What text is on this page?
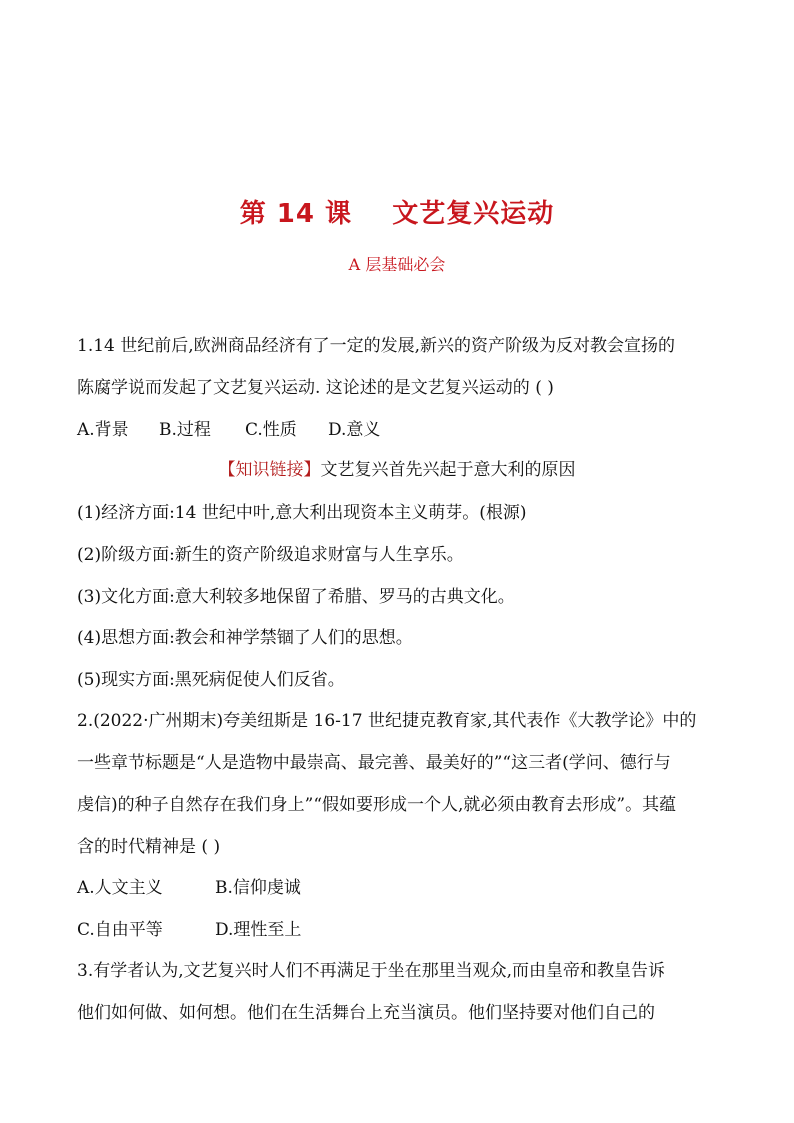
第 14 课    文艺复兴运动
A 层基础必会
1.14 世纪前后,欧洲商品经济有了一定的发展,新兴的资产阶级为反对教会宣扬的
陈腐学说而发起了文艺复兴运动. 这论述的是文艺复兴运动的 ( )
A.背景 B.过程 C.性质 D.意义
【知识链接】文艺复兴首先兴起于意大利的原因
(1)经济方面:14 世纪中叶,意大利出现资本主义萌芽。(根源)
(2)阶级方面:新生的资产阶级追求财富与人生享乐。
(3)文化方面:意大利较多地保留了希腊、罗马的古典文化。
(4)思想方面:教会和神学禁锢了人们的思想。
(5)现实方面:黑死病促使人们反省。
2.(2022·广州期末)夸美纽斯是 16-17 世纪捷克教育家,其代表作《大教学论》中的
一些章节标题是“人是造物中最崇高、最完善、最美好的”“这三者(学问、德行与
虔信)的种子自然存在我们身上”“假如要形成一个人,就必须由教育去形成”。其蕴
含的时代精神是 ( )
A.人文主义	B.信仰虔诚
C.自由平等	D.理性至上
3.有学者认为,文艺复兴时人们不再满足于坐在那里当观众,而由皇帝和教皇告诉
他们如何做、如何想。他们在生活舞台上充当演员。他们坚持要对他们自己的
